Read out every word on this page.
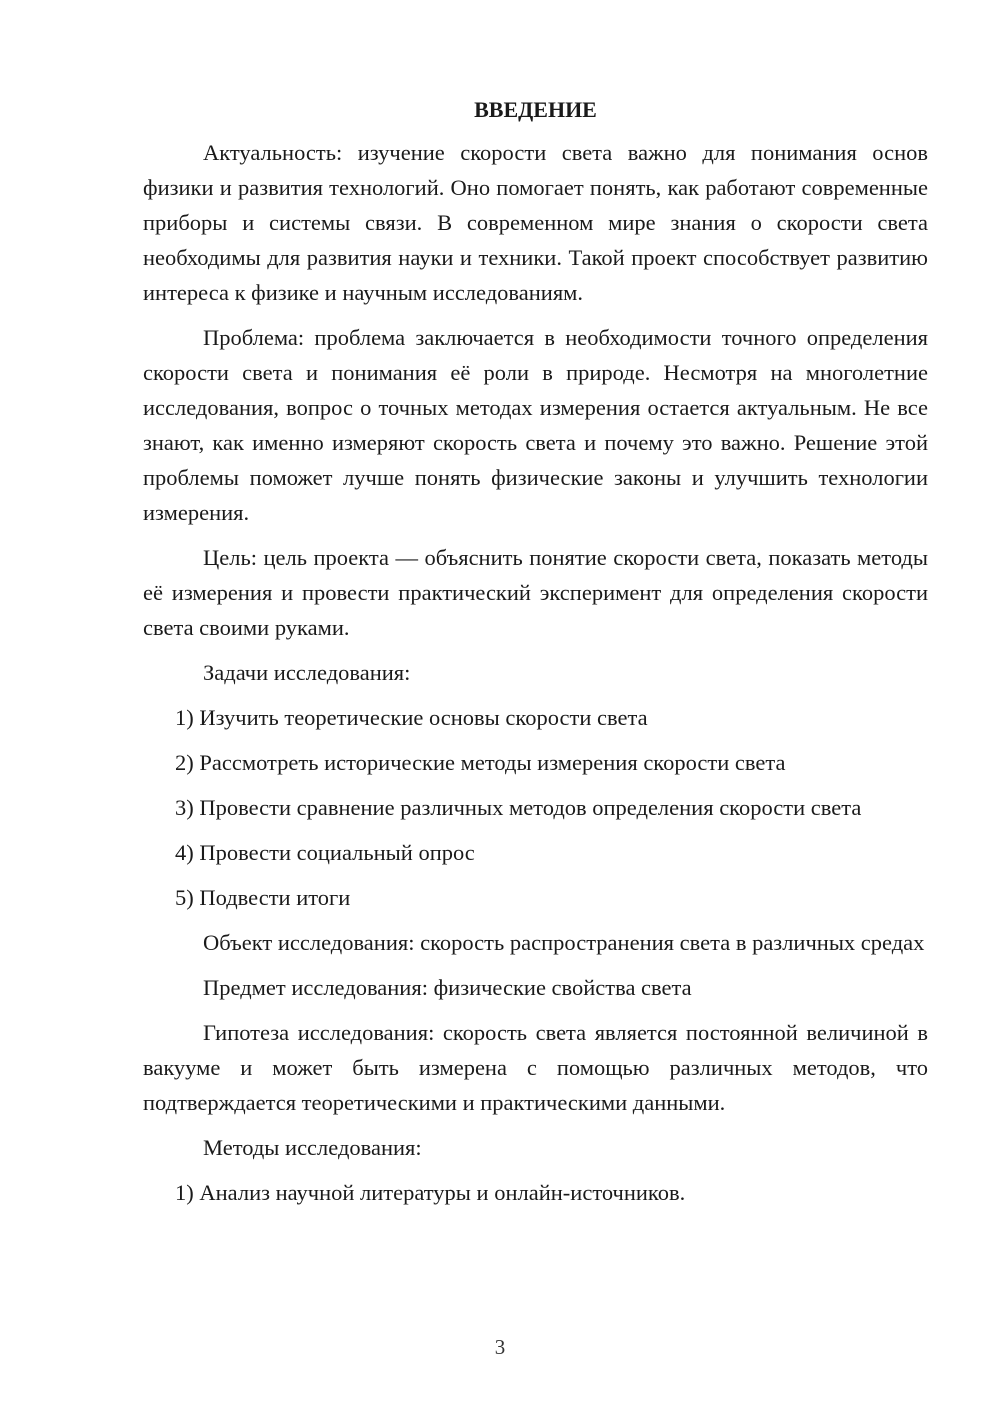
ВВЕДЕНИЕ

Актуальность: изучение скорости света важно для понимания основ физики и развития технологий. Оно помогает понять, как работают современные приборы и системы связи. В современном мире знания о скорости света необходимы для развития науки и техники. Такой проект способствует развитию интереса к физике и научным исследованиям.

Проблема: проблема заключается в необходимости точного определения скорости света и понимания её роли в природе. Несмотря на многолетние исследования, вопрос о точных методах измерения остается актуальным. Не все знают, как именно измеряют скорость света и почему это важно. Решение этой проблемы поможет лучше понять физические законы и улучшить технологии измерения.

Цель: цель проекта — объяснить понятие скорости света, показать методы её измерения и провести практический эксперимент для определения скорости света своими руками.

Задачи исследования:

1) Изучить теоретические основы скорости света

2) Рассмотреть исторические методы измерения скорости света

3) Провести сравнение различных методов определения скорости света

4) Провести социальный опрос

5) Подвести итоги

Объект исследования: скорость распространения света в различных средах

Предмет исследования: физические свойства света

Гипотеза исследования: скорость света является постоянной величиной в вакууме и может быть измерена с помощью различных методов, что подтверждается теоретическими и практическими данными.

Методы исследования:

1) Анализ научной литературы и онлайн-источников.

3
